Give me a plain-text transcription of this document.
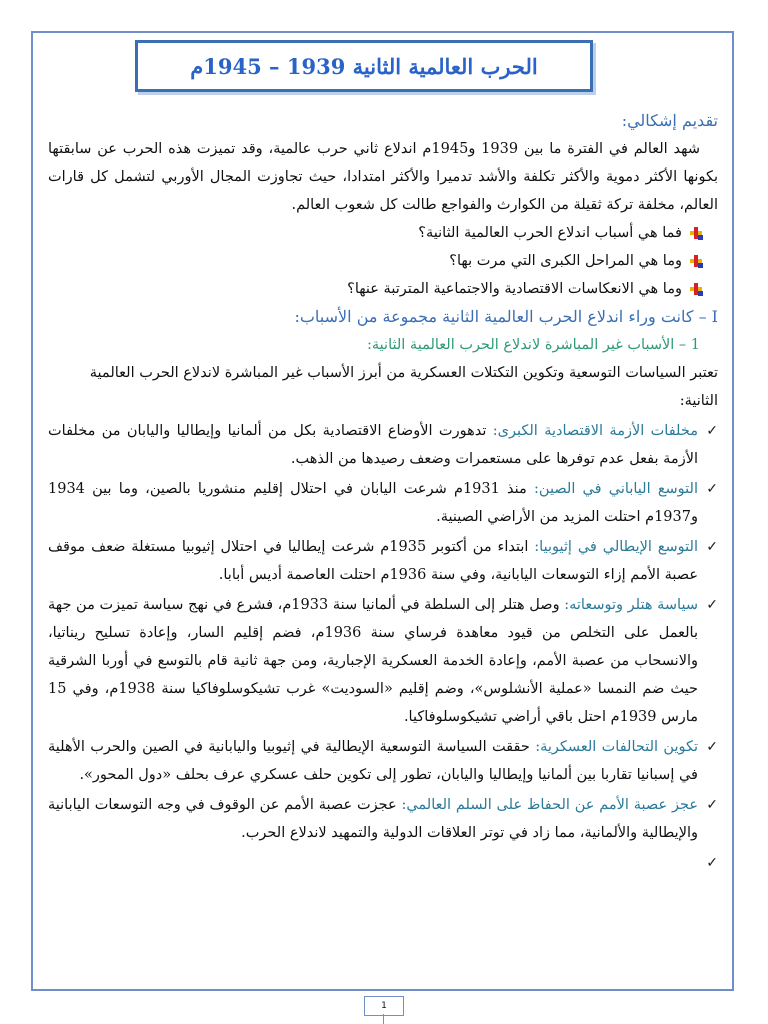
الحرب العالمية الثانية 1939 – 1945م
تقديم إشكالي:
شهد العالم في الفترة ما بين 1939 و1945م اندلاع ثاني حرب عالمية، وقد تميزت هذه الحرب عن سابقتها بكونها الأكثر دموية والأكثر تكلفة والأشد تدميرا والأكثر امتدادا، حيث تجاوزت المجال الأوربي لتشمل كل قارات العالم، مخلفة تركة ثقيلة من الكوارث والفواجع طالت كل شعوب العالم.
فما هي أسباب اندلاع الحرب العالمية الثانية؟
وما هي المراحل الكبرى التي مرت بها؟
وما هي الانعكاسات الاقتصادية والاجتماعية المترتبة عنها؟
I – كانت وراء اندلاع الحرب العالمية الثانية مجموعة من الأسباب:
1 – الأسباب غير المباشرة لاندلاع الحرب العالمية الثانية:
تعتبر السياسات التوسعية وتكوين التكتلات العسكرية من أبرز الأسباب غير المباشرة لاندلاع الحرب العالمية الثانية:
✓
مخلفات الأزمة الاقتصادية الكبرى: تدهورت الأوضاع الاقتصادية بكل من ألمانيا وإيطاليا واليابان من مخلفات الأزمة بفعل عدم توفرها على مستعمرات وضعف رصيدها من الذهب.
✓
التوسع الياباني في الصين: منذ 1931م شرعت اليابان في احتلال إقليم منشوريا بالصين، وما بين 1934 و1937م احتلت المزيد من الأراضي الصينية.
✓
التوسع الإيطالي في إثيوبيا: ابتداء من أكتوبر 1935م شرعت إيطاليا في احتلال إثيوبيا مستغلة ضعف موقف عصبة الأمم إزاء التوسعات اليابانية، وفي سنة 1936م احتلت العاصمة أديس أبابا.
✓
سياسة هتلر وتوسعاته: وصل هتلر إلى السلطة في ألمانيا سنة 1933م، فشرع في نهج سياسة تميزت من جهة بالعمل على التخلص من قيود معاهدة فرساي سنة 1936م، فضم إقليم السار، وإعادة تسليح ريناتيا، والانسحاب من عصبة الأمم، وإعادة الخدمة العسكرية الإجبارية، ومن جهة ثانية قام بالتوسع في أوربا الشرقية حيث ضم النمسا «عملية الأنشلوس»، وضم إقليم «السوديت» غرب تشيكوسلوفاكيا سنة 1938م، وفي 15 مارس 1939م احتل باقي أراضي تشيكوسلوفاكيا.
✓
تكوين التحالفات العسكرية: حققت السياسة التوسعية الإيطالية في إثيوبيا واليابانية في الصين والحرب الأهلية في إسبانيا تقاربا بين ألمانيا وإيطاليا واليابان، تطور إلى تكوين حلف عسكري عرف بحلف «دول المحور».
✓
عجز عصبة الأمم عن الحفاظ على السلم العالمي: عجزت عصبة الأمم عن الوقوف في وجه التوسعات اليابانية والإيطالية والألمانية، مما زاد في توتر العلاقات الدولية والتمهيد لاندلاع الحرب.
✓
1
